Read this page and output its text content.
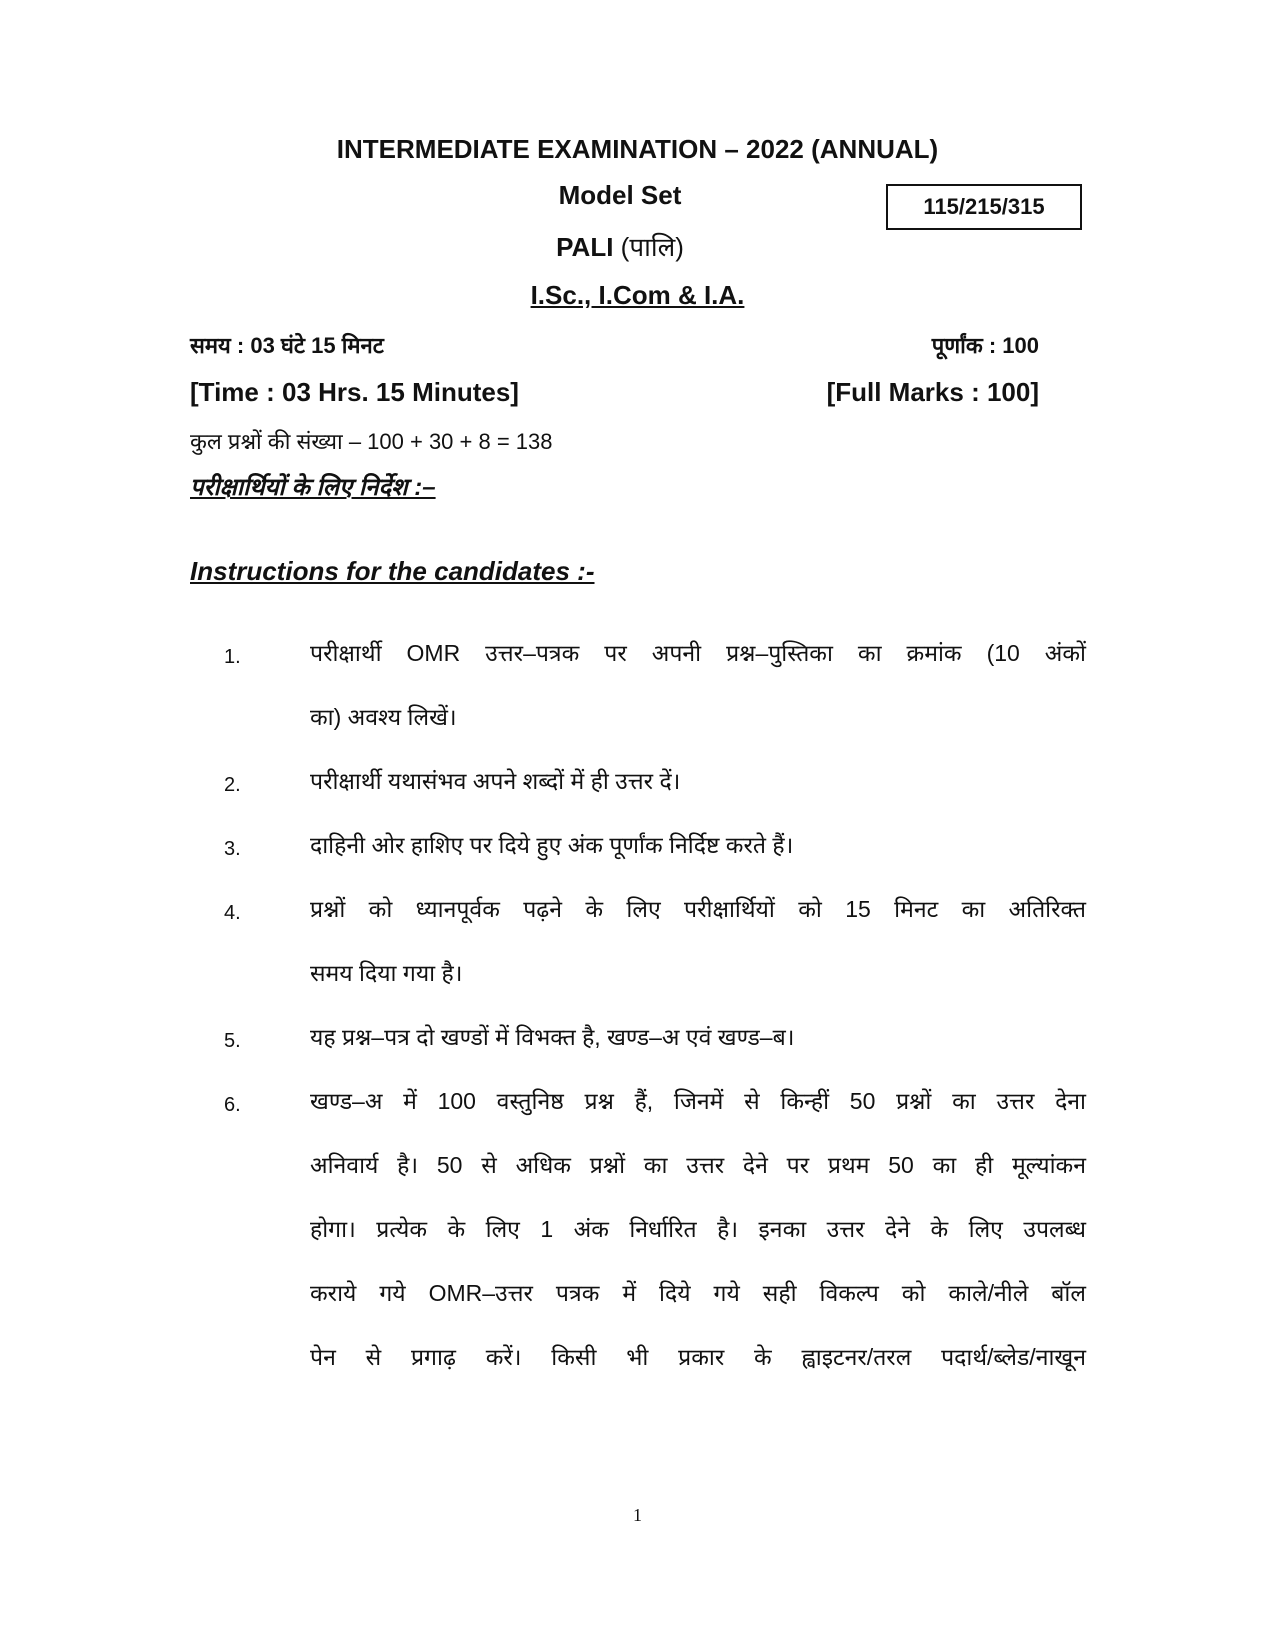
INTERMEDIATE EXAMINATION – 2022 (ANNUAL)
Model Set	115/215/315
PALI (पालि)
I.Sc., I.Com & I.A.
समय : 03 घंटे 15 मिनट	पूर्णांक : 100
[Time : 03 Hrs. 15 Minutes]	[Full Marks : 100]
कुल प्रश्नों की संख्या – 100 + 30 + 8 = 138
परीक्षार्थियों के लिए निर्देश :–
Instructions for the candidates :-
1.	परीक्षार्थी OMR उत्तर–पत्रक पर अपनी प्रश्न–पुस्तिका का क्रमांक (10 अंकों
का) अवश्य लिखें।
2.	परीक्षार्थी यथासंभव अपने शब्दों में ही उत्तर दें।
3.	दाहिनी ओर हाशिए पर दिये हुए अंक पूर्णांक निर्दिष्ट करते हैं।
4.	प्रश्नों को ध्यानपूर्वक पढ़ने के लिए परीक्षार्थियों को 15 मिनट का अतिरिक्त
समय दिया गया है।
5.	यह प्रश्न–पत्र दो खण्डों में विभक्त है, खण्ड–अ एवं खण्ड–ब।
6.	खण्ड–अ में 100 वस्तुनिष्ठ प्रश्न हैं, जिनमें से किन्हीं 50 प्रश्नों का उत्तर देना
अनिवार्य है। 50 से अधिक प्रश्नों का उत्तर देने पर प्रथम 50 का ही मूल्यांकन
होगा। प्रत्येक के लिए 1 अंक निर्धारित है। इनका उत्तर देने के लिए उपलब्ध
कराये गये OMR–उत्तर पत्रक में दिये गये सही विकल्प को काले/नीले बॉल
पेन से प्रगाढ़ करें। किसी भी प्रकार के ह्वाइटनर/तरल पदार्थ/ब्लेड/नाखून
1
